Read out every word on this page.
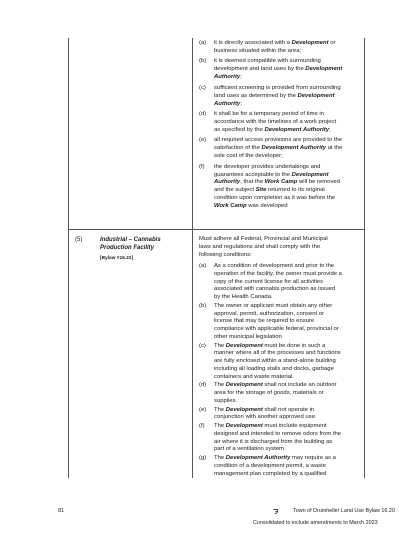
(a) it is directly associated with a Development or
business situated within the area;
(b) it is deemed compatible with surrounding
development and land uses by the Development
Authority;
(c) sufficient screening is provided from surrounding
land uses as determined by the Development
Authority;
(d) it shall be for a temporary period of time in
accordance with the timelines of a work project
as specified by the Development Authority;
(e) all required access provisions are provided to the
satisfaction of the Development Authority at the
sole cost of the developer;
(f) the developer provides undertakings and
guarantees acceptable to the Development
Authority, that the Work Camp will be removed
and the subject Site returned to its original
condition upon completion as it was before the
Work Camp was developed
(5)	Industrial – Cannabis
Production Facility
[Bylaw #16.22]
Must adhere all Federal, Provincial and Municipal
laws and regulations and shall comply with the
following conditions:
(a) As a condition of development and prior to the
operation of the facility, the owner must provide a
copy of the current license for all activities
associated with cannabis production as issued
by the Health Canada.
(b) The owner or applicant must obtain any other
approval, permit, authorization, consent or
license that may be required to ensure
compliance with applicable federal, provincial or
other municipal legislation
(c) The Development must be done in such a
manner where all of the processes and functions
are fully enclosed within a stand-alone building
including all loading stalls and docks, garbage
containers and waste material.
(d) The Development shall not include an outdoor
area for the storage of goods, materials or
supplies.
(e) The Development shall not operate in
conjunction with another approved use.
(f) The Development must include equipment
designed and intended to remove odors from the
air where it is discharged from the building as
part of a ventilation system.
(g) The Development Authority may require as a
condition of a development permit, a waste
management plan completed by a qualified
81	Town of Drumheller Land Use Bylaw 16.20
Consolidated to include amendments to March 2023
